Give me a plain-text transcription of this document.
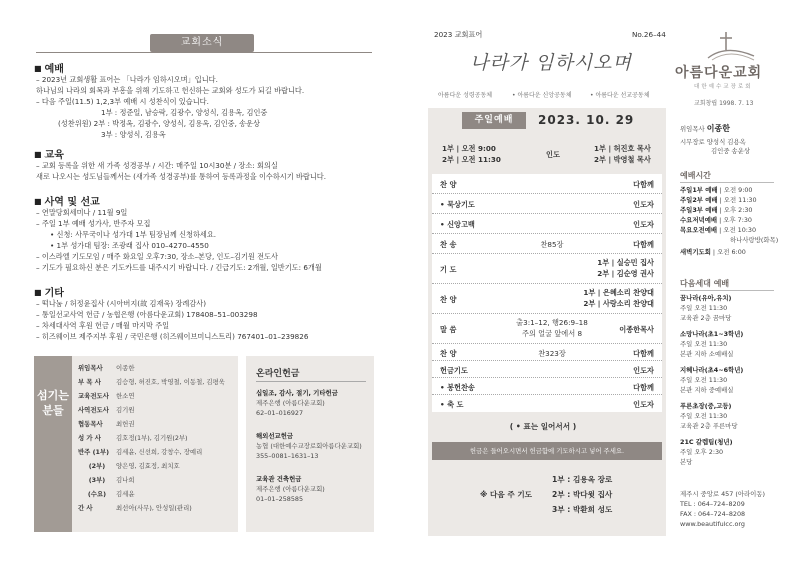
교회소식
■ 예배
– 2023년 교회생활 표어는 「나라가 임하시오며」입니다.
하나님의 나라의 회복과 부흥을 위해 기도하고 헌신하는 교회와 성도가 되길 바랍니다.
– 다음 주일(11.5) 1,2,3부 예배 시 성찬식이 있습니다.
1부 : 정준일, 남승락, 김광수, 양성식, 김용옥, 김인중
(성찬위원) 2부 : 박정옥, 김광수, 양성식, 김용옥, 김인중, 송운상
3부 : 양성식, 김용옥
■ 교육
– 교회 등록을 위한 새 가족 성경공부 / 시간: 매주일 10시30분 / 장소: 회의실
새로 나오시는 성도님들께서는 (새가족 성경공부)를 통하여 등록과정을 이수하시기 바랍니다.
■ 사역 및 선교
– 연말당회세미나 / 11월 9일
– 주일 1부 예배 성가사, 반주자 모집
• 신청: 사무국이나 성가대 1부 팀장님께 신청하세요.
• 1부 성가대 팀장: 조광래 집사 010–4270–4550
– 이스라엘 기도모임 / 매주 화요일 오후7:30, 장소–본당, 인도–김기원 전도사
– 기도가 필요하신 분은 기도카드를 내주시기 바랍니다. / 긴급기도: 2개월, 일반기도: 6개월
■ 기타
– 떡나눔 / 허정윤집사 (시아버지(故 김재욱) 장례감사)
– 통일선교사역 헌금 / 농협은행 (아름다운교회) 178408–51–003298
– 차세대사역 후원 헌금 / 매월 마지막 주일
– 히즈웨이브 제주지부 후원 / 국민은행 (히즈웨이브미니스트리) 767401–01–239826
섬기는
분들
위임목사 이종한
부 목 사 김승형, 허진호, 박영철, 이동철, 김평욱
교육전도사 한소연
사역전도사 김기원
협동목사 최헌권
성 가 사 김호정(1부), 김기원(2부)
반주 (1부) 김세윤, 신선희, 강창수, 장예리
(2부) 양은영, 김효정, 최치호
(3부) 김나희
(수요) 김세윤
간 사	최선아(사무), 안성일(관리)
온라인헌금
십일조, 감사, 절기, 기타헌금
제주은행 (아름다운교회)
62–01–016927
해외선교헌금
농협 (대한예수교장로회아름다운교회)
355–0081–1631–13
교육관 건축헌금
제주은행 (아름다운교회)
01–01–258585
2023 교회표어	No.26–44
나라가 임하시오며
아름다운 성령공동체	• 아름다운 신앙공동체	• 아름다운 선교공동체
아름다운교회
대한예수교장로회
교회창립 1998. 7. 13
주일예배	2023. 10. 29
1부 | 오전 9:00
2부 | 오전 11:30
인도
1부 | 허진호 목사
2부 | 박영철 목사
찬 양	다함께
• 묵상기도	인도자
• 신앙고백	인도자
찬 송	찬85장	다함께
기 도
1부 | 실승민 집사
2부 | 김순영 권사
찬 양
1부 | 은혜소리 찬양대
2부 | 사랑소리 찬양대
말 씀
출3:1–12, 행26:9–18
주의 얼굴 앞에서 8	이종한목사
찬 양	찬323장	다함께
헌금기도	인도자
• 봉헌찬송	다함께
• 축 도	인도자
( • 표는 일어서서 )
헌금은 들어오시면서 헌금함에 기도하시고 넣어 주세요.
※ 다음 주 기도
1부 : 김용옥 장로
2부 : 박다윗 집사
3부 : 박환희 성도
위임목사 이종한
시무장로 양성식 김용옥
김인중 송운상
예배시간
주일1부 예배 | 오전 9:00
주일2부 예배 | 오전 11:30
주일3부 예배 | 오후 2:30
수요저녁예배 | 오후 7:30
목요오전예배 | 오전 10:30
하나사랑방(화목)
새벽기도회 | 오전 6:00
다음세대 예배
꿈나라(유아,유치)
주일 오전 11:30
교육관 2층 꿈마당
소망나라(초1~3학년)
주일 오전 11:30
본관 지하 소예배실
지혜나라(초4~6학년)
주일 오전 11:30
본관 지하 중예배실
푸른초장(중,고등)
주일 오전 11:30
교육관 2층 푸른마당
21C 갈렙팀(청년)
주일 오후 2:30
본당
제주시 중앙로 457 (아라이동)
TEL : 064–724–8209
FAX : 064–724–8208
www.beautifulcc.org
